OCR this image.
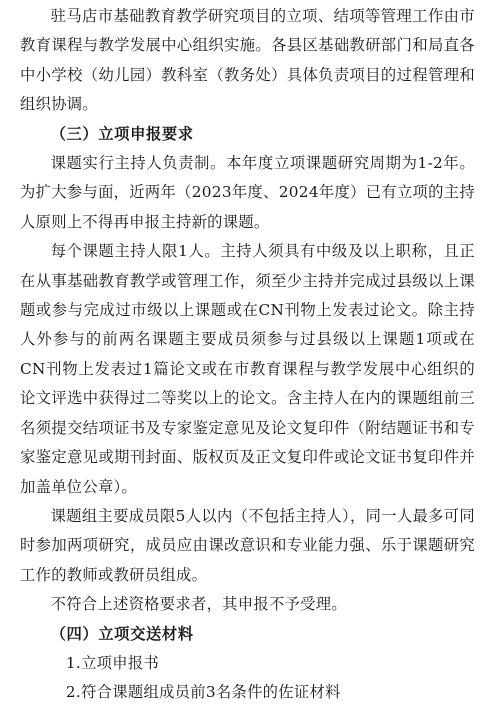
驻马店市基础教育教学研究项目的立项、结项等管理工作由市教育课程与教学发展中心组织实施。各县区基础教研部门和局直各中小学校（幼儿园）教科室（教务处）具体负责项目的过程管理和组织协调。

（三）立项申报要求

课题实行主持人负责制。本年度立项课题研究周期为1-2年。为扩大参与面，近两年（2023年度、2024年度）已有立项的主持人原则上不得再申报主持新的课题。

每个课题主持人限1人。主持人须具有中级及以上职称，且正在从事基础教育教学或管理工作，须至少主持并完成过县级以上课题或参与完成过市级以上课题或在CN刊物上发表过论文。除主持人外参与的前两名课题主要成员须参与过县级以上课题1项或在CN刊物上发表过1篇论文或在市教育课程与教学发展中心组织的论文评选中获得过二等奖以上的论文。含主持人在内的课题组前三名须提交结项证书及专家鉴定意见及论文复印件（附结题证书和专家鉴定意见或期刊封面、版权页及正文复印件或论文证书复印件并加盖单位公章）。

课题组主要成员限5人以内（不包括主持人），同一人最多可同时参加两项研究，成员应由课改意识和专业能力强、乐于课题研究工作的教师或教研员组成。

不符合上述资格要求者，其申报不予受理。

（四）立项交送材料

1.立项申报书

2.符合课题组成员前3名条件的佐证材料
